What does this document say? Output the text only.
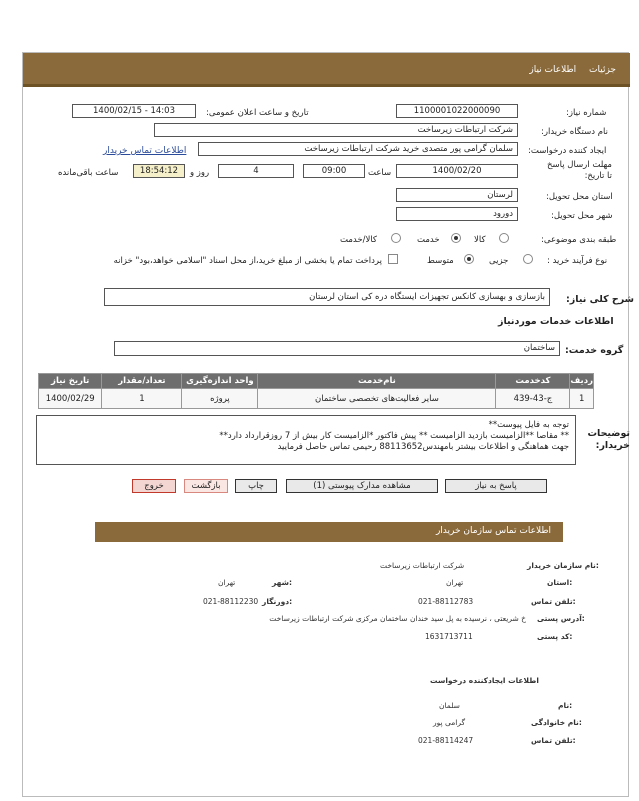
جزئیات اطلاعات نیاز
شماره نیاز:
1100001022000090
تاریخ و ساعت اعلان عمومی:
1400/02/15 - 14:03
نام دستگاه خریدار:
شرکت ارتباطات زیرساخت
ایجاد کننده درخواست:
سلمان گرامی پور متصدی خرید شرکت ارتباطات زیرساخت
اطلاعات تماس خریدار
مهلت ارسال پاسخ تا تاریخ:
1400/02/20
ساعت
09:00
4
روز و
18:54:12
ساعت باقی‌مانده
استان محل تحویل:
لرستان
شهر محل تحویل:
دورود
طبقه بندی موضوعی:
کالا
خدمت
کالا/خدمت
نوع فرآیند خرید :
جزیی
متوسط
پرداخت تمام یا بخشی از مبلغ خرید،از محل اسناد "اسلامی خواهد،بود" خزانه
شرح کلی نیاز:
بازسازی و بهسازی کانکس تجهیزات ایستگاه دره کی استان لرستان
اطلاعات خدمات موردنیاز
گروه خدمت:
ساختمان
ردیف	کدخدمت	نام‌خدمت	واحد اندازه‌گیری	تعداد/مقدار	تاریخ نیاز
1	ج-43-439	سایر فعالیت‌های تخصصی ساختمان	پروژه	1	1400/02/29
توضیحات خریدار:
توجه به فایل پیوست**
** مقاصا **الزامیست بازدید الزامیست ** پیش فاکتور *الزامیست کار بیش از 7 روزقرارداد دارد**
جهت هماهنگی و اطلاعات بیشتر بامهندس88113652 رحیمی تماس حاصل فرمایید
پاسخ به نیاز
مشاهده مدارک پیوستی (1)
چاپ
بازگشت
خروج
اطلاعات تماس سازمان خریدار
نام سازمان خریدار:
شرکت ارتباطات زیرساخت
استان:
تهران
شهر:
تهران
تلفن تماس:
021-88112783
دورنگار:
021-88112230
آدرس پستی:
خ شریعتی ، نرسیده به پل سید خندان ساختمان مرکزی شرکت ارتباطات زیرساخت
کد پستی:
1631713711
اطلاعات ایجادکننده درخواست
نام:
سلمان
نام خانوادگی:
گرامی پور
تلفن تماس:
021-88114247
